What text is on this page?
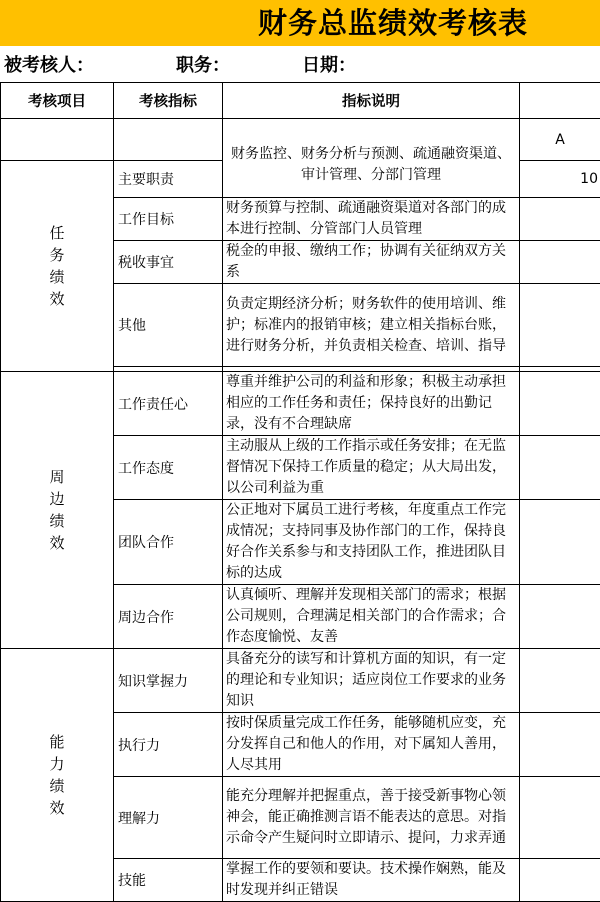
财务总监绩效考核表
被考核人：	职务：	日期：
考核项目	考核指标	指标说明	
		财务监控、财务分析与预测、疏通融资渠道、审计管理、分部门管理	A
任务绩效	主要职责		10
	工作目标	财务预算与控制、疏通融资渠道对各部门的成本进行控制、分管部门人员管理	
	税收事宜	税金的申报、缴纳工作；协调有关征纳双方关系	
	其他	负责定期经济分析；财务软件的使用培训、维护；标准内的报销审核；建立相关指标台账，进行财务分析，并负责相关检查、培训、指导	

周边绩效	工作责任心	尊重并维护公司的利益和形象；积极主动承担相应的工作任务和责任；保持良好的出勤记录，没有不合理缺席	
	工作态度	主动服从上级的工作指示或任务安排；在无监督情况下保持工作质量的稳定；从大局出发，以公司利益为重	
	团队合作	公正地对下属员工进行考核，年度重点工作完成情况；支持同事及协作部门的工作，保持良好合作关系参与和支持团队工作，推进团队目标的达成	
	周边合作	认真倾听、理解并发现相关部门的需求；根据公司规则，合理满足相关部门的合作需求；合作态度愉悦、友善	
能力绩效	知识掌握力	具备充分的读写和计算机方面的知识，有一定的理论和专业知识；适应岗位工作要求的业务知识	
	执行力	按时保质量完成工作任务，能够随机应变，充分发挥自己和他人的作用，对下属知人善用，人尽其用	
	理解力	能充分理解并把握重点，善于接受新事物心领神会，能正确推测言语不能表达的意思。对指示命令产生疑问时立即请示、提问，力求弄通	
	技能	掌握工作的要领和要诀。技术操作娴熟，能及时发现并纠正错误	
